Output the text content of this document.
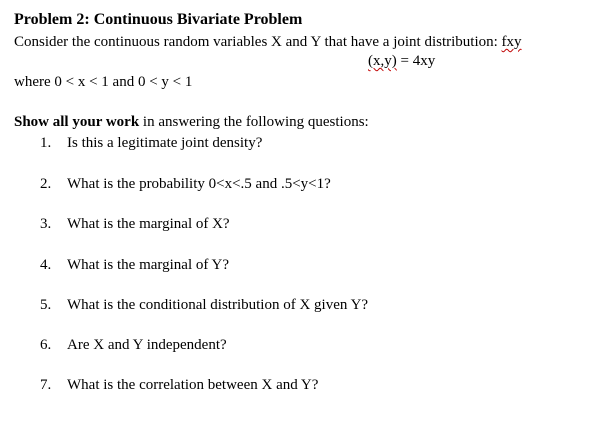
Problem 2: Continuous Bivariate Problem
Consider the continuous random variables X and Y that have a joint distribution: fxy
(x,y) = 4xy
where 0 < x < 1 and 0 < y < 1
Show all your work in answering the following questions:
1. Is this a legitimate joint density?
2. What is the probability 0<x<.5 and .5<y<1?
3. What is the marginal of X?
4. What is the marginal of Y?
5. What is the conditional distribution of X given Y?
6. Are X and Y independent?
7. What is the correlation between X and Y?
